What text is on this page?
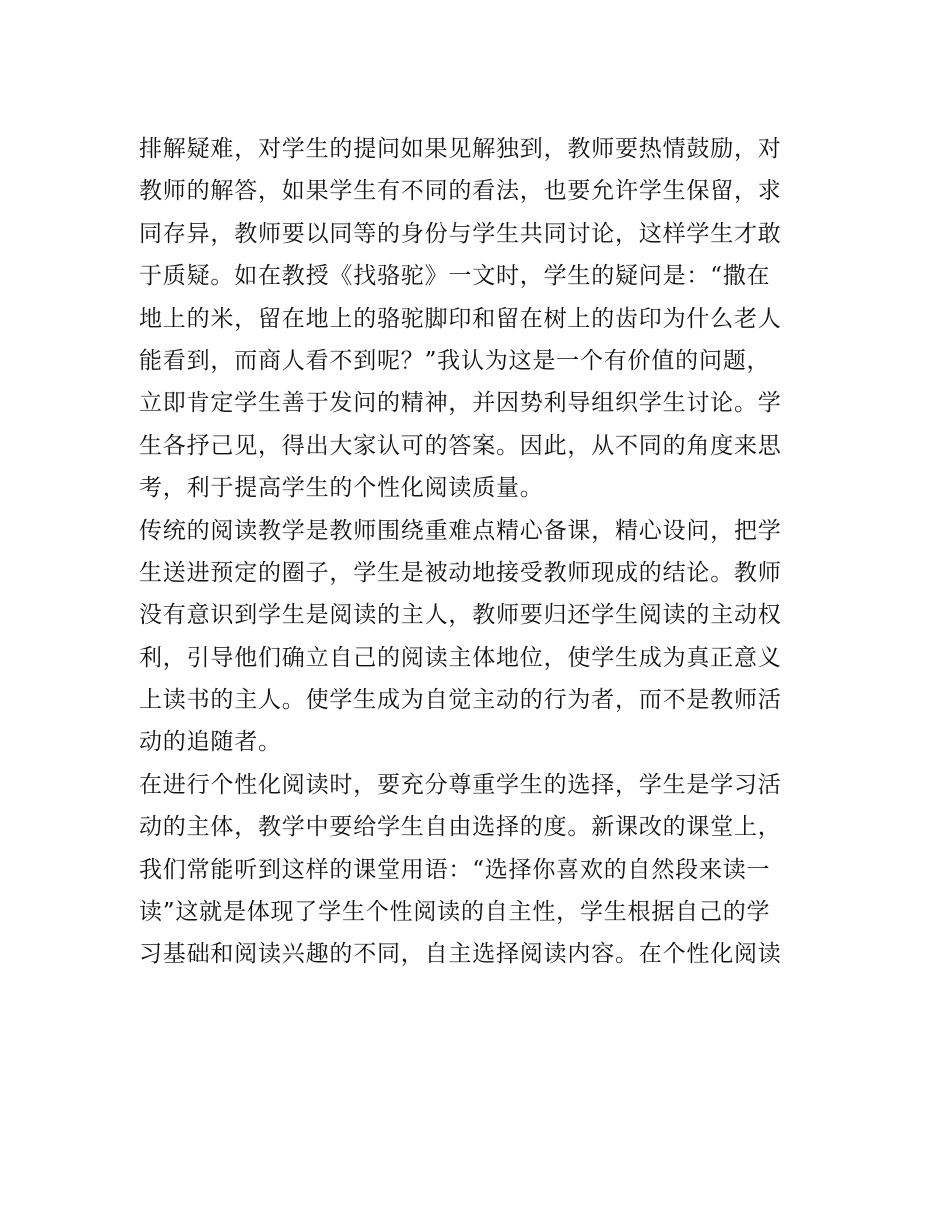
排解疑难，对学生的提问如果见解独到，教师要热情鼓励，对
教师的解答，如果学生有不同的看法，也要允许学生保留，求
同存异，教师要以同等的身份与学生共同讨论，这样学生才敢
于质疑。如在教授《找骆驼》一文时，学生的疑问是：“撒在
地上的米，留在地上的骆驼脚印和留在树上的齿印为什么老人
能看到，而商人看不到呢？”我认为这是一个有价值的问题，
立即肯定学生善于发问的精神，并因势利导组织学生讨论。学
生各抒己见，得出大家认可的答案。因此，从不同的角度来思
考，利于提高学生的个性化阅读质量。
传统的阅读教学是教师围绕重难点精心备课，精心设问，把学
生送进预定的圈子，学生是被动地接受教师现成的结论。教师
没有意识到学生是阅读的主人，教师要归还学生阅读的主动权
利，引导他们确立自己的阅读主体地位，使学生成为真正意义
上读书的主人。使学生成为自觉主动的行为者，而不是教师活
动的追随者。
在进行个性化阅读时，要充分尊重学生的选择，学生是学习活
动的主体，教学中要给学生自由选择的度。新课改的课堂上，
我们常能听到这样的课堂用语：“选择你喜欢的自然段来读一
读”这就是体现了学生个性阅读的自主性，学生根据自己的学
习基础和阅读兴趣的不同，自主选择阅读内容。在个性化阅读
